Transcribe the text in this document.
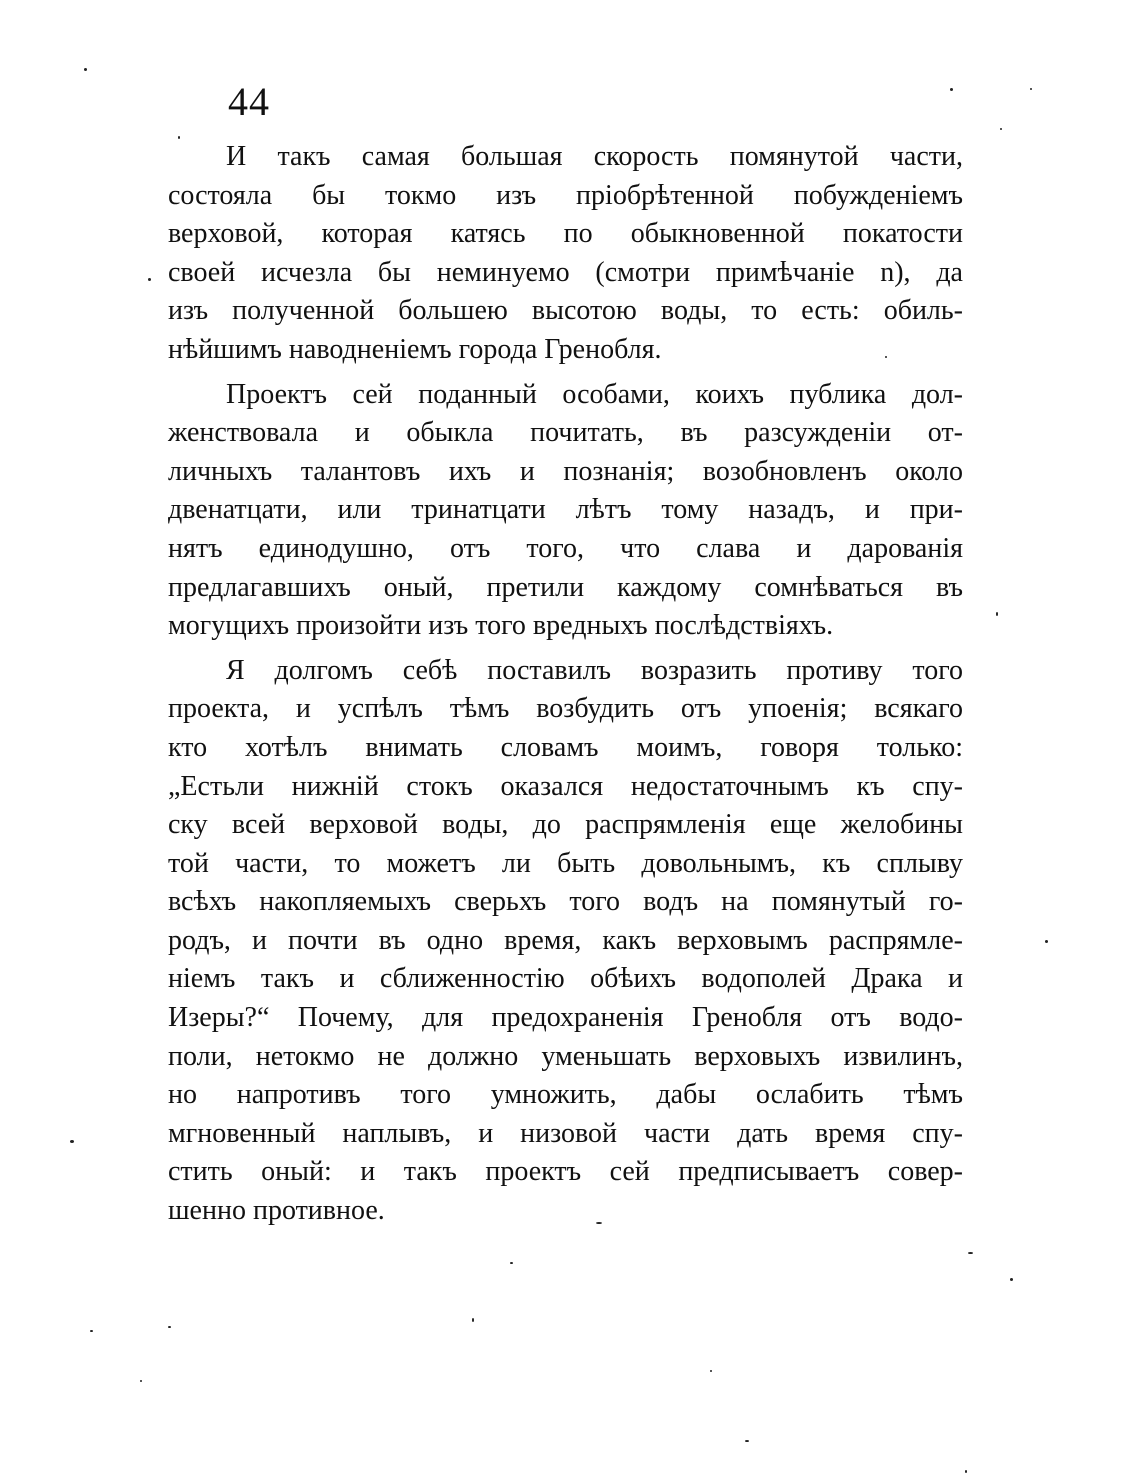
44
И такъ самая большая скорость помянутой части,
состояла бы токмо изъ пріобрѣтенной побужденіемъ
верховой, которая катясь по обыкновенной покатости
своей исчезла бы неминуемо (смотри примѣчаніе n), да
изъ полученной большею высотою воды, то есть: обиль-
нѣйшимъ наводненіемъ города Гренобля.
Проектъ сей поданный особами, коихъ публика дол-
женствовала и обыкла почитать, въ разсужденіи от-
личныхъ талантовъ ихъ и познанія; возобновленъ около
двенатцати, или тринатцати лѣтъ тому назадъ, и при-
нятъ единодушно, отъ того, что слава и дарованія
предлагавшихъ оный, претили каждому сомнѣваться въ
могущихъ произойти изъ того вредныхъ послѣдствіяхъ.
Я долгомъ себѣ поставилъ возразить противу того
проекта, и успѣлъ тѣмъ возбудить отъ упоенія; всякаго
кто хотѣлъ внимать словамъ моимъ, говоря только:
„Естьли нижній стокъ оказался недостаточнымъ къ спу-
ску всей верховой воды, до распрямленія еще желобины
той части, то можетъ ли быть довольнымъ, къ сплыву
всѣхъ накопляемыхъ сверьхъ того водъ на помянутый го-
родъ, и почти въ одно время, какъ верховымъ распрямле-
ніемъ такъ и сближенностію обѣихъ водополей Драка и
Изеры?“ Почему, для предохраненія Гренобля отъ водо-
поли, нетокмо не должно уменьшать верховыхъ извилинъ,
но напротивъ того умножить, дабы ослабить тѣмъ
мгновенный наплывъ, и низовой части дать время спу-
стить оный: и такъ проектъ сей предписываетъ совер-
шенно противное.
